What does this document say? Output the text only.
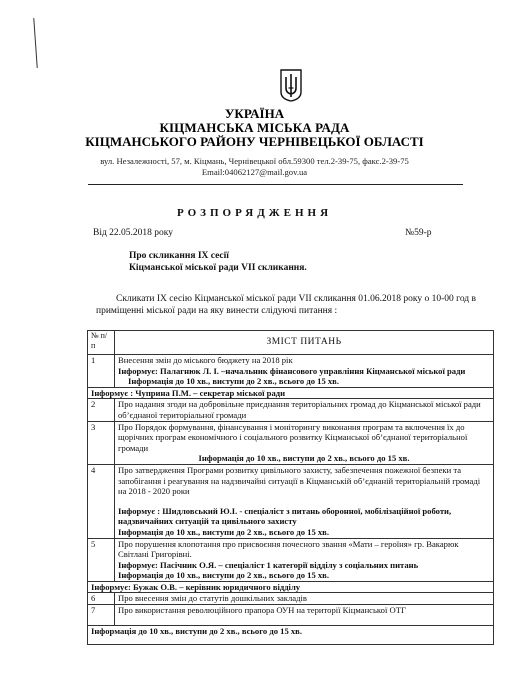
УКРАЇНА
КІЦМАНСЬКА МІСЬКА РАДА
КІЦМАНСЬКОГО РАЙОНУ ЧЕРНІВЕЦЬКОЇ ОБЛАСТІ
вул. Незалежності, 57, м. Кіцмань, Чернівецької обл.59300 тел.2-39-75, факс.2-39-75
Email:04062127@mail.gov.ua
РОЗПОРЯДЖЕННЯ
Від 22.05.2018 року	№59-р
Про скликання ІХ сесії
Кіцманської міської ради VІІ скликання.
Скликати ІХ сесію Кіцманської міської ради VІІ скликання 01.06.2018 року о 10-00 год в приміщенні міської ради на яку винести слідуючі питання :
№ п/п	ЗМІСТ ПИТАНЬ
1	Внесення змін до міського бюджету на 2018 рік
Інформує: Палагнюк Л. І. –начальник фінансового управління Кіцманської міської ради
Інформація до 10 хв., виступи до 2 хв., всього до 15 хв.

Інформує : Чуприна П.М. – секретар міської ради	
2	Про надання згоди на добровільне приєднання територіальних громад до Кіцманської міської ради об’єднаної територіальної громади
3	Про Порядок формування, фінансування і моніторингу виконання програм та включення їх до щорічних програм економічного і соціального розвитку Кіцманської об’єднаної територіальної громади
Інформація до 10 хв., виступи до 2 хв., всього до 15 хв.

4	Про затвердження Програми розвитку цивільного захисту, забезпечення пожежної безпеки та запобігання і реагування на надзвичайні ситуації в Кіцманській об’єднаній територіальній громаді на 2018 - 2020 роки
Інформує : Шидловський Ю.І. - спеціаліст з питань оборонної, мобілізаційної роботи, надзвичайних ситуацій та цивільного захисту
Інформація до 10 хв., виступи до 2 хв., всього до 15 хв.

5	Про порушення клопотання про присвоєння почесного звання «Мати – героїня» гр. Вакарюк Світлані Григорівні.
Інформує: Пасічник О.Я. – спеціаліст 1 категорії відділу з соціальних питань
Інформація до 10 хв., виступи до 2 хв., всього до 15 хв.

Інформує: Бужак О.В. – керівник юридичного відділу	
6	Про внесення змін до статутів дошкільних закладів
7	Про використання революційного прапора ОУН на території Кіцманської ОТГ
Інформація до 10 хв., виступи до 2 хв., всього до 15 хв.	
